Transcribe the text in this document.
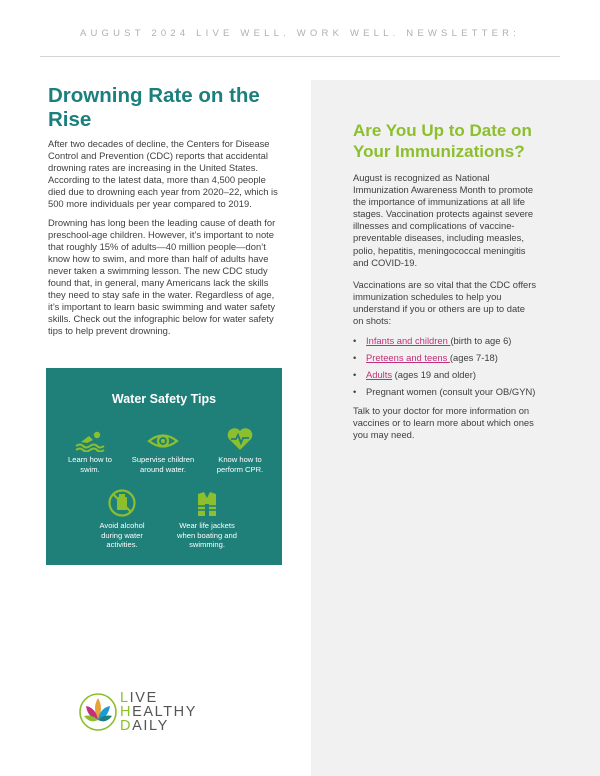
AUGUST 2024 LIVE WELL. WORK WELL. NEWSLETTER:
Drowning Rate on the Rise

After two decades of decline, the Centers for Disease Control and Prevention (CDC) reports that accidental drowning rates are increasing in the United States. According to the latest data, more than 4,500 people died due to drowning each year from 2020–22, which is 500 more individuals per year compared to 2019.

Drowning has long been the leading cause of death for preschool-age children. However, it’s important to note that roughly 15% of adults—40 million people—don’t know how to swim, and more than half of adults have never taken a swimming lesson. The new CDC study found that, in general, many Americans lack the skills they need to stay safe in the water. Regardless of age, it’s important to learn basic swimming and water safety skills. Check out the infographic below for water safety tips to help prevent drowning.

Water Safety Tips
Learn how to swim.
Supervise children around water.
Know how to perform CPR.
Avoid alcohol during water activities.
Wear life jackets when boating and swimming.
Are You Up to Date on Your Immunizations?

August is recognized as National Immunization Awareness Month to promote the importance of immunizations at all life stages. Vaccination protects against severe illnesses and complications of vaccine-preventable diseases, including measles, polio, hepatitis, meningococcal meningitis and COVID-19.

Vaccinations are so vital that the CDC offers immunization schedules to help you understand if you or others are up to date on shots:

• Infants and children (birth to age 6)
• Preteens and teens (ages 7-18)
• Adults (ages 19 and older)
• Pregnant women (consult your OB/GYN)

Talk to your doctor for more information on vaccines or to learn more about which ones you may need.

LIVE
HEALTHY
DAILY
